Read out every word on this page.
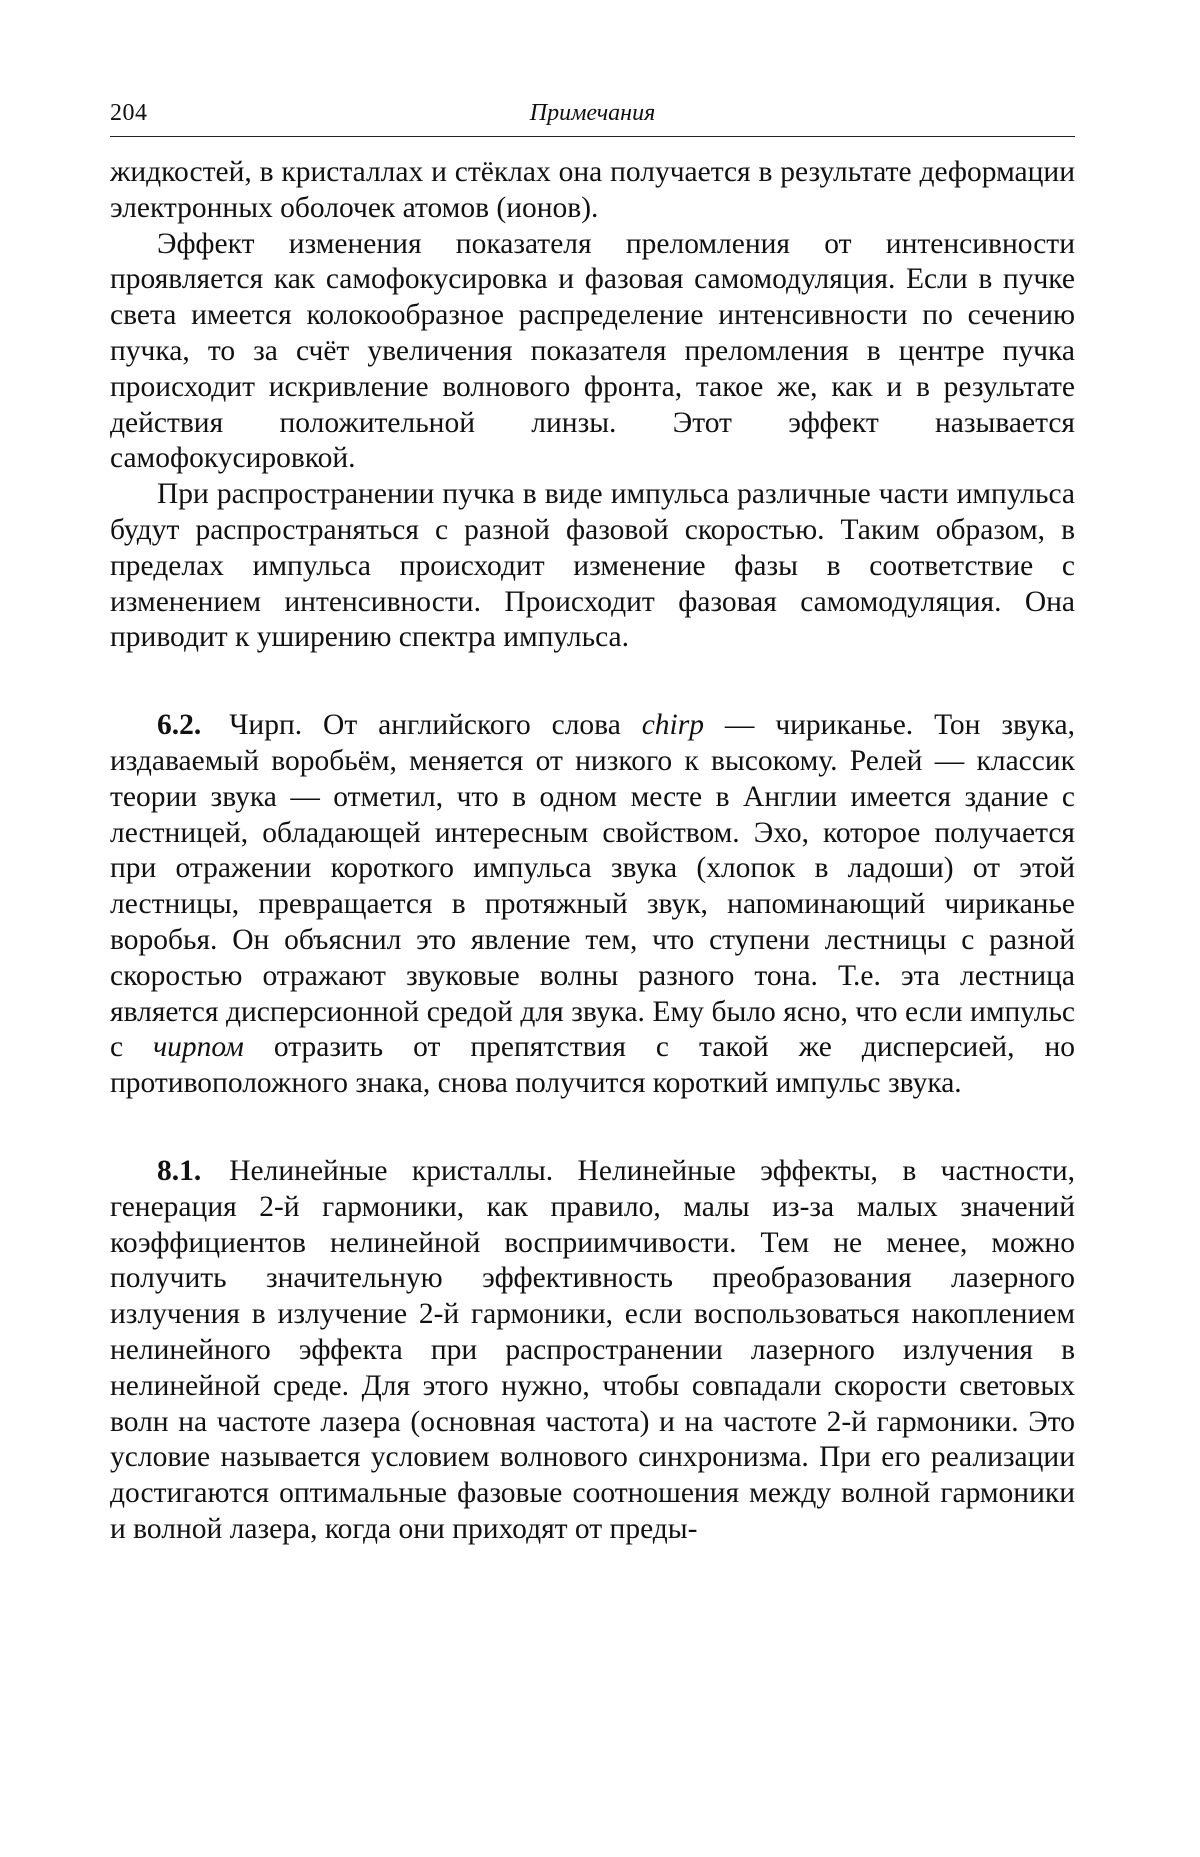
204	Примечания

жидкостей, в кристаллах и стёклах она получается в результате деформации электронных оболочек атомов (ионов).

Эффект изменения показателя преломления от интенсивности проявляется как самофокусировка и фазовая самомодуляция. Если в пучке света имеется колокообразное распределение интенсивности по сечению пучка, то за счёт увеличения показателя преломления в центре пучка происходит искривление волнового фронта, такое же, как и в результате действия положительной линзы. Этот эффект называется самофокусировкой.

При распространении пучка в виде импульса различные части импульса будут распространяться с разной фазовой скоростью. Таким образом, в пределах импульса происходит изменение фазы в соответствие с изменением интенсивности. Происходит фазовая самомодуляция. Она приводит к уширению спектра импульса.

6.2. Чирп. От английского слова chirp — чириканье. Тон звука, издаваемый воробьём, меняется от низкого к высокому. Релей — классик теории звука — отметил, что в одном месте в Англии имеется здание с лестницей, обладающей интересным свойством. Эхо, которое получается при отражении короткого импульса звука (хлопок в ладоши) от этой лестницы, превращается в протяжный звук, напоминающий чириканье воробья. Он объяснил это явление тем, что ступени лестницы с разной скоростью отражают звуковые волны разного тона. Т.е. эта лестница является дисперсионной средой для звука. Ему было ясно, что если импульс с чирпом отразить от препятствия с такой же дисперсией, но противоположного знака, снова получится короткий импульс звука.

8.1. Нелинейные кристаллы. Нелинейные эффекты, в частности, генерация 2-й гармоники, как правило, малы из-за малых значений коэффициентов нелинейной восприимчивости. Тем не менее, можно получить значительную эффективность преобразования лазерного излучения в излучение 2-й гармоники, если воспользоваться накоплением нелинейного эффекта при распространении лазерного излучения в нелинейной среде. Для этого нужно, чтобы совпадали скорости световых волн на частоте лазера (основная частота) и на частоте 2-й гармоники. Это условие называется условием волнового синхронизма. При его реализации достигаются оптимальные фазовые соотношения между волной гармоники и волной лазера, когда они приходят от преды-
